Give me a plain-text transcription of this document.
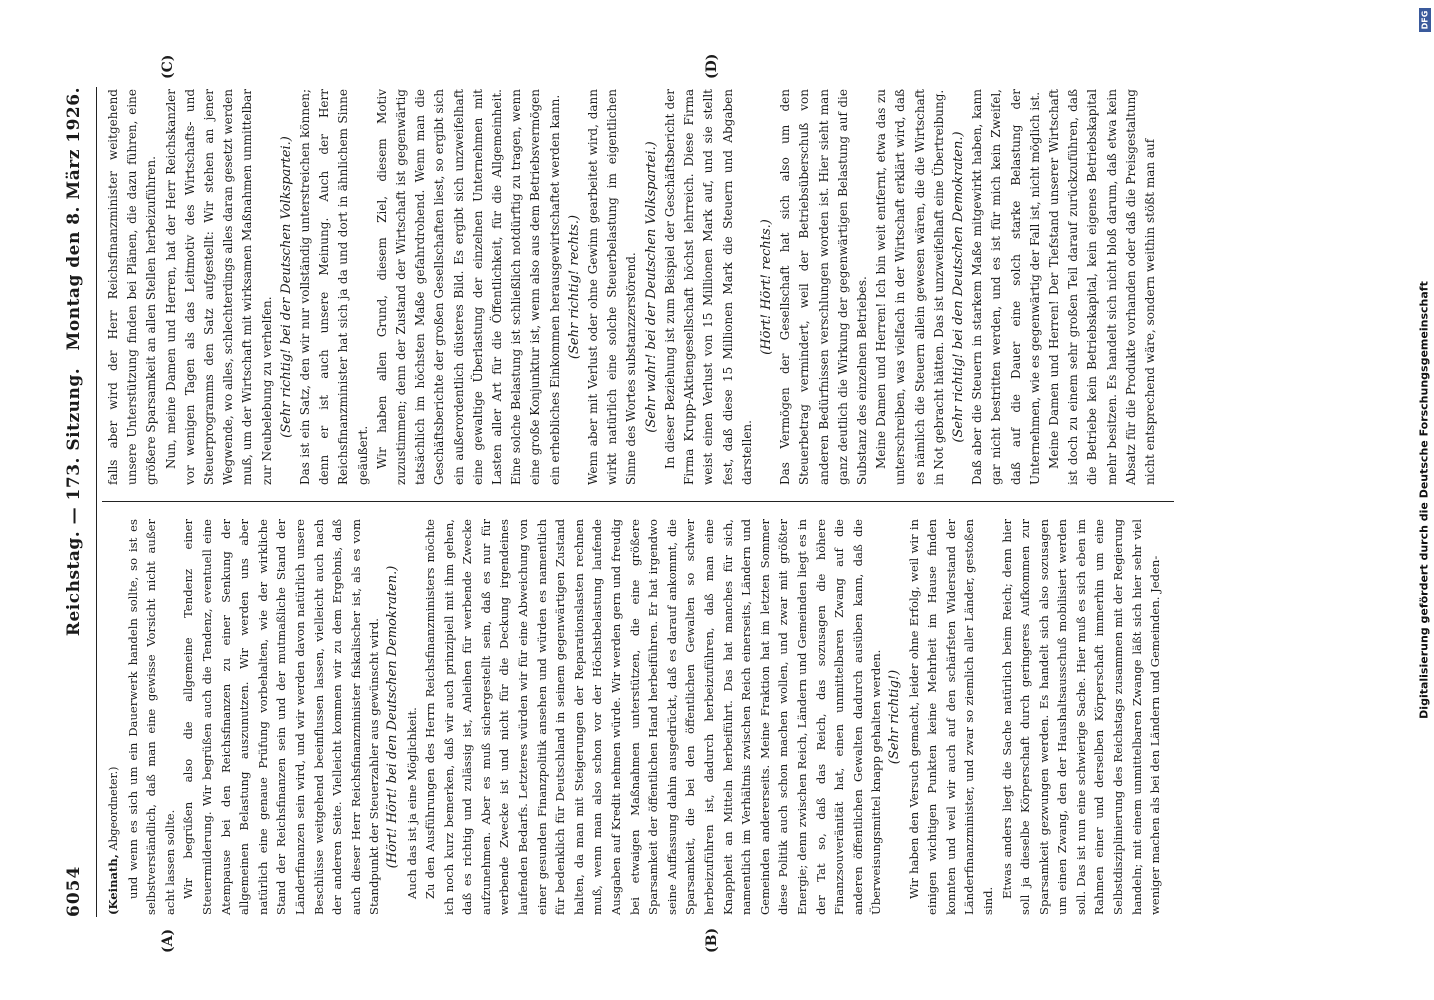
6054
Reichstag. — 173. Sitzung.
Montag den 8. März 1926.
(A)	(B)
(C)	(D)

(Keinath, Abgeordneter.) und wenn es sich um ein Dauerwerk handeln sollte, so ist es selbstverständlich, daß man eine gewisse Vorsicht nicht außer acht lassen sollte. Wir begrüßen also die allgemeine Tendenz einer Steuermilderung. Wir begrüßen auch die Tendenz, eventuell eine Atempause bei den Reichsfinanzen zu einer Senkung der allgemeinen Belastung auszunutzen. Wir werden uns aber natürlich eine genaue Prüfung vorbehalten, wie der wirkliche Stand der Reichsfinanzen sein und der mutmaßliche Stand der Länderfinanzen sein wird, und wir werden davon natürlich unsere Beschlüsse weitgehend beeinflussen lassen, vielleicht auch nach der anderen Seite. Vielleicht kommen wir zu dem Ergebnis, daß auch dieser Herr Reichsfinanzminister fiskalischer ist, als es vom Standpunkt der Steuerzahler aus gewünscht wird. (Hört! Hört! bei den Deutschen Demokraten.) Auch das ist ja eine Möglichkeit. Zu den Ausführungen des Herrn Reichsfinanzministers möchte ich noch kurz bemerken, daß wir auch prinzipiell mit ihm gehen, daß es richtig und zulässig ist, Anleihen für werbende Zwecke aufzunehmen. Aber es muß sichergestellt sein, daß es nur für werbende Zwecke ist und nicht für die Deckung irgendeines laufenden Bedarfs. Letzteres würden wir für eine Abweichung von einer gesunden Finanzpolitik ansehen und würden es namentlich für bedenklich für Deutschland in seinem gegenwärtigen Zustand halten, da man mit Steigerungen der Reparationslasten rechnen muß, wenn man also schon vor der Höchstbelastung laufende Ausgaben auf Kredit nehmen würde. Wir werden gern und freudig bei etwaigen Maßnahmen unterstützen, die eine größere Sparsamkeit der öffentlichen Hand herbeiführen. Er hat irgendwo seine Auffassung dahin ausgedrückt, daß es darauf ankommt, die Sparsamkeit, die bei den öffentlichen Gewalten so schwer herbeizuführen ist, dadurch herbeizuführen, daß man eine Knappheit an Mitteln herbeiführt. Das hat manches für sich, namentlich im Verhältnis zwischen Reich einerseits, Ländern und Gemeinden andererseits. Meine Fraktion hat im letzten Sommer diese Politik auch schon machen wollen, und zwar mit größter Energie; denn zwischen Reich, Ländern und Gemeinden liegt es in der Tat so, daß das Reich, das sozusagen die höhere Finanzsouveränität hat, einen unmittelbaren Zwang auf die anderen öffentlichen Gewalten dadurch ausüben kann, daß die Überweisungsmittel knapp gehalten werden. (Sehr richtig!) Wir haben den Versuch gemacht, leider ohne Erfolg, weil wir in einigen wichtigen Punkten keine Mehrheit im Hause finden konnten und weil wir auch auf den schärfsten Widerstand der Länderfinanzminister, und zwar so ziemlich aller Länder, gestoßen sind.

Etwas anders liegt die Sache natürlich beim Reich; denn hier soll ja dieselbe Körperschaft durch geringeres Aufkommen zur Sparsamkeit gezwungen werden. Es handelt sich also sozusagen um einen Zwang, den der Haushaltsausschuß mobilisiert werden soll. Das ist nun eine schwierige Sache. Hier muß es sich eben im Rahmen einer und derselben Körperschaft immerhin um eine Selbstdisziplinierung des Reichstags zusammen mit der Regierung handeln; mit einem unmittelbaren Zwange läßt sich hier sehr viel weniger machen als bei den Ländern und Gemeinden. Jeden-

falls aber wird der Herr Reichsfinanzminister weitgehend unsere Unterstützung finden bei Plänen, die dazu führen, eine größere Sparsamkeit an allen Stellen herbeizuführen. Nun, meine Damen und Herren, hat der Herr Reichskanzler vor wenigen Tagen als das Leitmotiv des Wirtschafts- und Steuerprogramms den Satz aufgestellt: Wir stehen an jener Wegwende, wo alles, schlechterdings alles daran gesetzt werden muß, um der Wirtschaft mit wirksamen Maßnahmen unmittelbar zur Neubelebung zu verhelfen. (Sehr richtig! bei der Deutschen Volkspartei.) Das ist ein Satz, den wir nur vollständig unterstreichen können; denn er ist auch unsere Meinung. Auch der Herr Reichsfinanzminister hat sich ja da und dort in ähnlichem Sinne geäußert. Wir haben allen Grund, diesem Ziel, diesem Motiv zuzustimmen; denn der Zustand der Wirtschaft ist gegenwärtig tatsächlich im höchsten Maße gefahrdrohend. Wenn man die Geschäftsberichte der großen Gesellschaften liest, so ergibt sich ein außerordentlich düsteres Bild. Es ergibt sich unzweifelhaft eine gewaltige Überlastung der einzelnen Unternehmen mit Lasten aller Art für die Öffentlichkeit, für die Allgemeinheit. Eine solche Belastung ist schließlich notdürftig zu tragen, wenn eine große Konjunktur ist, wenn also aus dem Betriebsvermögen ein erhebliches Einkommen herausgewirtschaftet werden kann. (Sehr richtig! rechts.) Wenn aber mit Verlust oder ohne Gewinn gearbeitet wird, dann wirkt natürlich eine solche Steuerbelastung im eigentlichen Sinne des Wortes substanzzerstörend. (Sehr wahr! bei der Deutschen Volkspartei.) In dieser Beziehung ist zum Beispiel der Geschäftsbericht der Firma Krupp-Aktiengesellschaft höchst lehrreich. Diese Firma weist einen Verlust von 15 Millionen Mark auf, und sie stellt fest, daß diese 15 Millionen Mark die Steuern und Abgaben darstellen.

(Hört! Hört! rechts.) Das Vermögen der Gesellschaft hat sich also um den Steuerbetrag vermindert, weil der Betriebsüberschuß von anderen Bedürfnissen verschlungen worden ist. Hier sieht man ganz deutlich die Wirkung der gegenwärtigen Belastung auf die Substanz des einzelnen Betriebes. Meine Damen und Herren! Ich bin weit entfernt, etwa das zu unterschreiben, was vielfach in der Wirtschaft erklärt wird, daß es nämlich die Steuern allein gewesen wären, die die Wirtschaft in Not gebracht hätten. Das ist unzweifelhaft eine Übertreibung. (Sehr richtig! bei den Deutschen Demokraten.) Daß aber die Steuern in starkem Maße mitgewirkt haben, kann gar nicht bestritten werden, und es ist für mich kein Zweifel, daß auf die Dauer eine solch starke Belastung der Unternehmen, wie es gegenwärtig der Fall ist, nicht möglich ist. Meine Damen und Herren! Der Tiefstand unserer Wirtschaft ist doch zu einem sehr großen Teil darauf zurückzuführen, daß die Betriebe kein Betriebskapital, kein eigenes Betriebskapital mehr besitzen. Es handelt sich nicht bloß darum, daß etwa kein Absatz für die Produkte vorhanden oder daß die Preisgestaltung nicht entsprechend wäre, sondern weithin stößt man auf

DFG
Digitalisierung gefördert durch die Deutsche Forschungsgemeinschaft
